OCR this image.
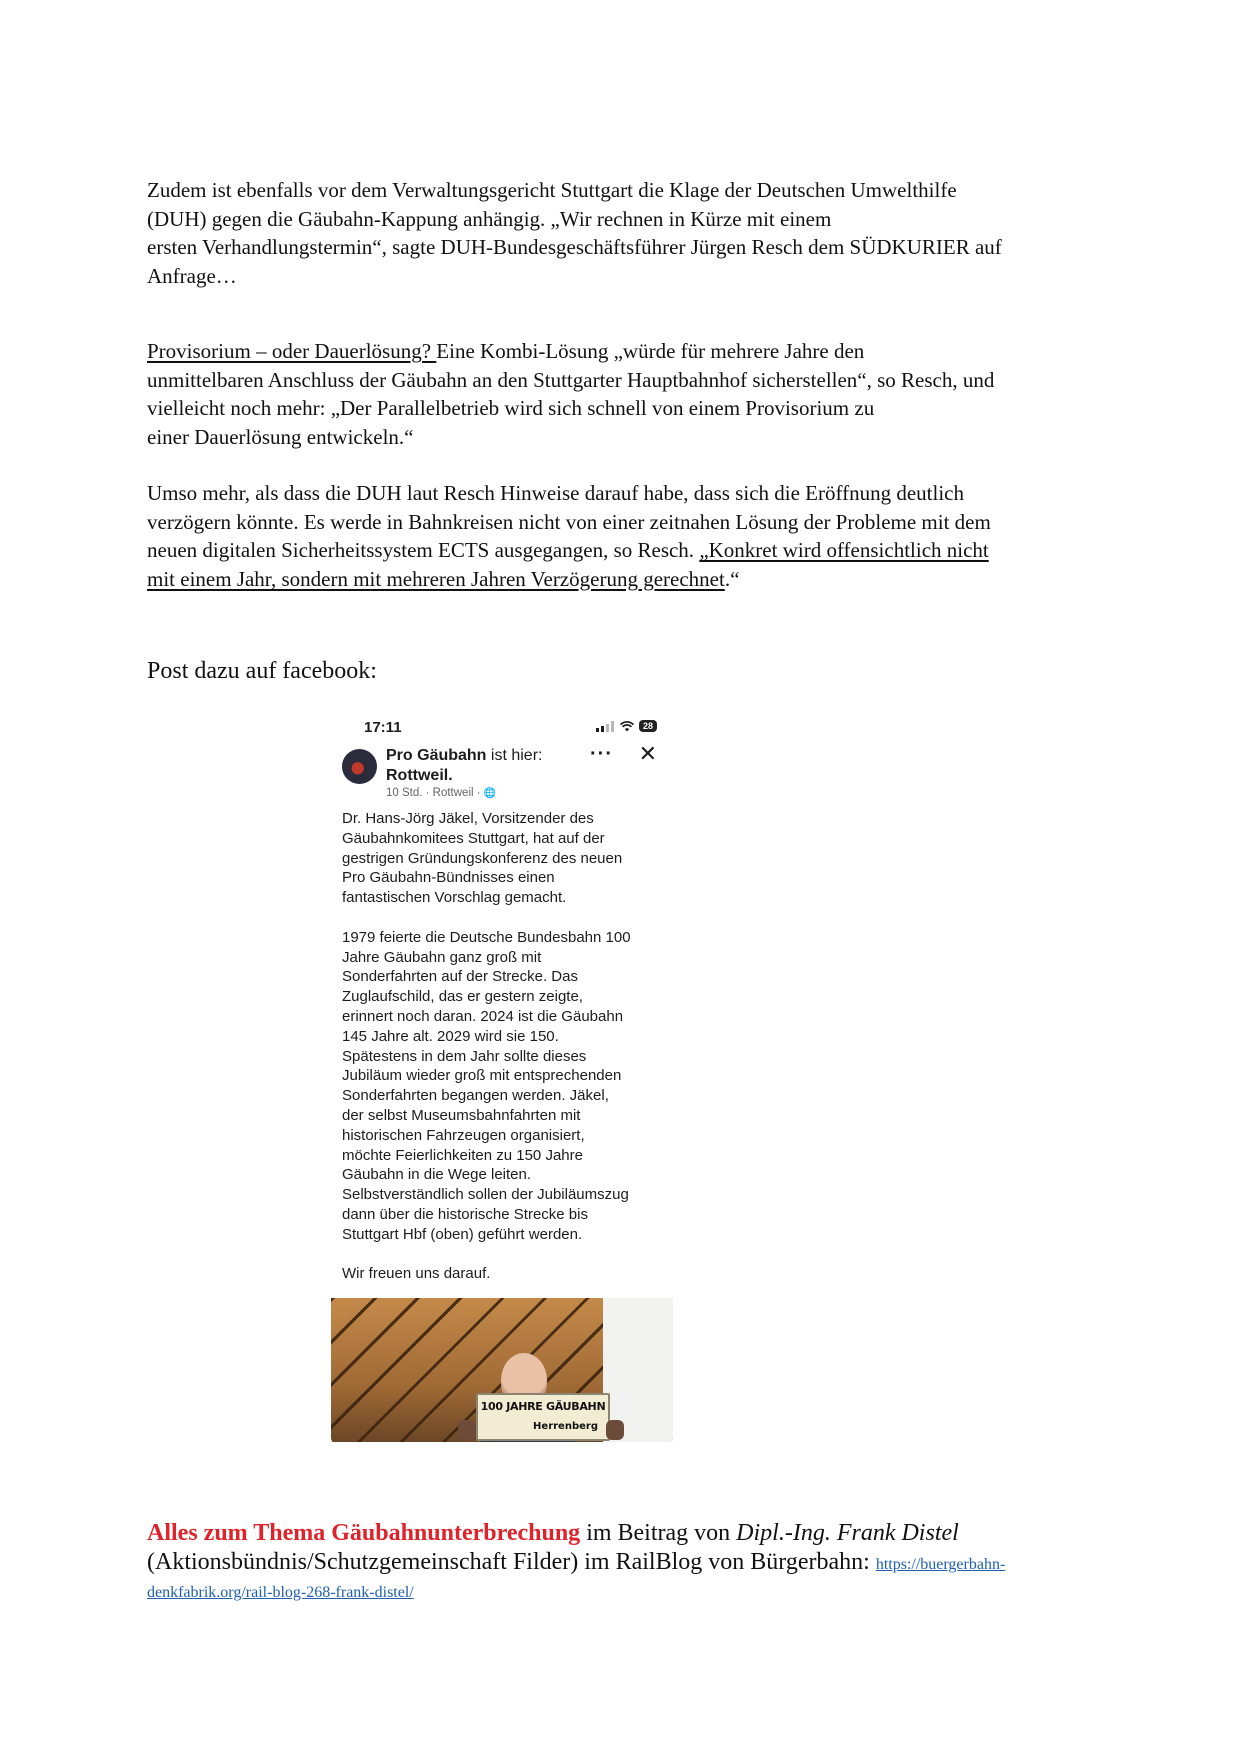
Zudem ist ebenfalls vor dem Verwaltungsgericht Stuttgart die Klage der Deutschen Umwelthilfe
(DUH) gegen die Gäubahn-Kappung anhängig. „Wir rechnen in Kürze mit einem
ersten Verhandlungstermin“, sagte DUH-Bundesgeschäftsführer Jürgen Resch dem SÜDKURIER auf
Anfrage…
Provisorium – oder Dauerlösung? Eine Kombi-Lösung „würde für mehrere Jahre den
unmittelbaren Anschluss der Gäubahn an den Stuttgarter Hauptbahnhof sicherstellen“, so Resch, und
vielleicht noch mehr: „Der Parallelbetrieb wird sich schnell von einem Provisorium zu
einer Dauerlösung entwickeln.“
Umso mehr, als dass die DUH laut Resch Hinweise darauf habe, dass sich die Eröffnung deutlich
verzögern könnte. Es werde in Bahnkreisen nicht von einer zeitnahen Lösung der Probleme mit dem
neuen digitalen Sicherheitssystem ECTS ausgegangen, so Resch. „Konkret wird offensichtlich nicht
mit einem Jahr, sondern mit mehreren Jahren Verzögerung gerechnet.“
Post dazu auf facebook:
17:11	28
Pro Gäubahn ist hier:
Rottweil.
10 Std. · Rottweil · 🌐
··· ✕
Dr. Hans-Jörg Jäkel, Vorsitzender des
Gäubahnkomitees Stuttgart, hat auf der
gestrigen Gründungskonferenz des neuen
Pro Gäubahn-Bündnisses einen
fantastischen Vorschlag gemacht.
1979 feierte die Deutsche Bundesbahn 100
Jahre Gäubahn ganz groß mit
Sonderfahrten auf der Strecke. Das
Zuglaufschild, das er gestern zeigte,
erinnert noch daran. 2024 ist die Gäubahn
145 Jahre alt. 2029 wird sie 150.
Spätestens in dem Jahr sollte dieses
Jubiläum wieder groß mit entsprechenden
Sonderfahrten begangen werden. Jäkel,
der selbst Museumsbahnfahrten mit
historischen Fahrzeugen organisiert,
möchte Feierlichkeiten zu 150 Jahre
Gäubahn in die Wege leiten.
Selbstverständlich sollen der Jubiläumszug
dann über die historische Strecke bis
Stuttgart Hbf (oben) geführt werden.
Wir freuen uns darauf.
100 JAHRE GÄUBAHN
Herrenberg
Alles zum Thema Gäubahnunterbrechung im Beitrag von Dipl.-Ing. Frank Distel
(Aktionsbündnis/Schutzgemeinschaft Filder) im RailBlog von Bürgerbahn: https://buergerbahn-
denkfabrik.org/rail-blog-268-frank-distel/
